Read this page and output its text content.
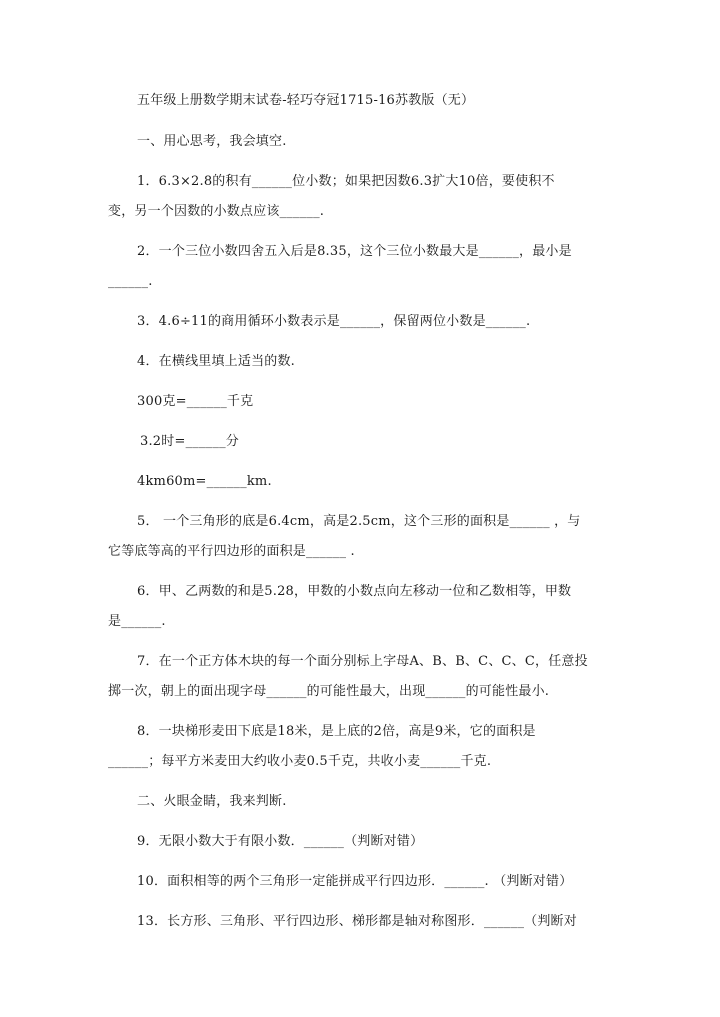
五年级上册数学期末试卷-轻巧夺冠1715-16苏教版（无）
一、用心思考，我会填空.
1．6.3×2.8的积有______位小数；如果把因数6.3扩大10倍，要使积不
变，另一个因数的小数点应该______.
2．一个三位小数四舍五入后是8.35，这个三位小数最大是______，最小是
______.
3．4.6÷11的商用循环小数表示是______，保留两位小数是______.
4．在横线里填上适当的数.
300克=______千克
3.2时=______分
4km60m=______km.
5． 一个三角形的底是6.4cm，高是2.5cm，这个三形的面积是______ ，与
它等底等高的平行四边形的面积是______ .
6．甲、乙两数的和是5.28，甲数的小数点向左移动一位和乙数相等，甲数
是______.
7．在一个正方体木块的每一个面分别标上字母A、B、B、C、C、C，任意投
掷一次，朝上的面出现字母______的可能性最大，出现______的可能性最小.
8．一块梯形麦田下底是18米，是上底的2倍，高是9米，它的面积是
______；每平方米麦田大约收小麦0.5千克，共收小麦______千克.
二、火眼金睛，我来判断.
9．无限小数大于有限小数．______（判断对错）
10．面积相等的两个三角形一定能拼成平行四边形．______. （判断对错）
13．长方形、三角形、平行四边形、梯形都是轴对称图形．______（判断对
